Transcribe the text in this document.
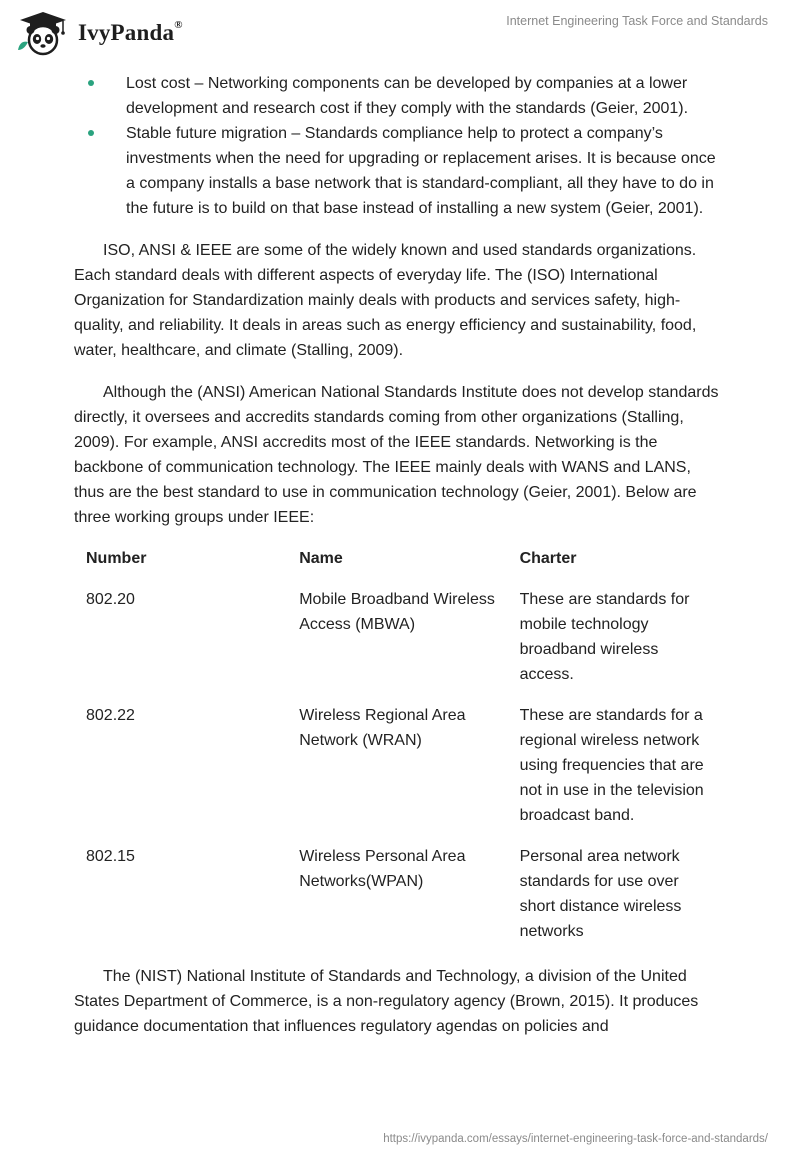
IvyPanda®	Internet Engineering Task Force and Standards
Lost cost – Networking components can be developed by companies at a lower development and research cost if they comply with the standards (Geier, 2001).
Stable future migration – Standards compliance help to protect a company’s investments when the need for upgrading or replacement arises. It is because once a company installs a base network that is standard-compliant, all they have to do in the future is to build on that base instead of installing a new system (Geier, 2001).

ISO, ANSI & IEEE are some of the widely known and used standards organizations. Each standard deals with different aspects of everyday life. The (ISO) International Organization for Standardization mainly deals with products and services safety, high-quality, and reliability. It deals in areas such as energy efficiency and sustainability, food, water, healthcare, and climate (Stalling, 2009).

Although the (ANSI) American National Standards Institute does not develop standards directly, it oversees and accredits standards coming from other organizations (Stalling, 2009). For example, ANSI accredits most of the IEEE standards. Networking is the backbone of communication technology. The IEEE mainly deals with WANS and LANS, thus are the best standard to use in communication technology (Geier, 2001). Below are three working groups under IEEE:

Number	Name	Charter
802.20	Mobile Broadband Wireless Access (MBWA)	These are standards for mobile technology broadband wireless access.
802.22	Wireless Regional Area Network (WRAN)	These are standards for a regional wireless network using frequencies that are not in use in the television broadcast band.
802.15	Wireless Personal Area Networks(WPAN)	Personal area network standards for use over short distance wireless networks

The (NIST) National Institute of Standards and Technology, a division of the United States Department of Commerce, is a non-regulatory agency (Brown, 2015). It produces guidance documentation that influences regulatory agendas on policies and

https://ivypanda.com/essays/internet-engineering-task-force-and-standards/
